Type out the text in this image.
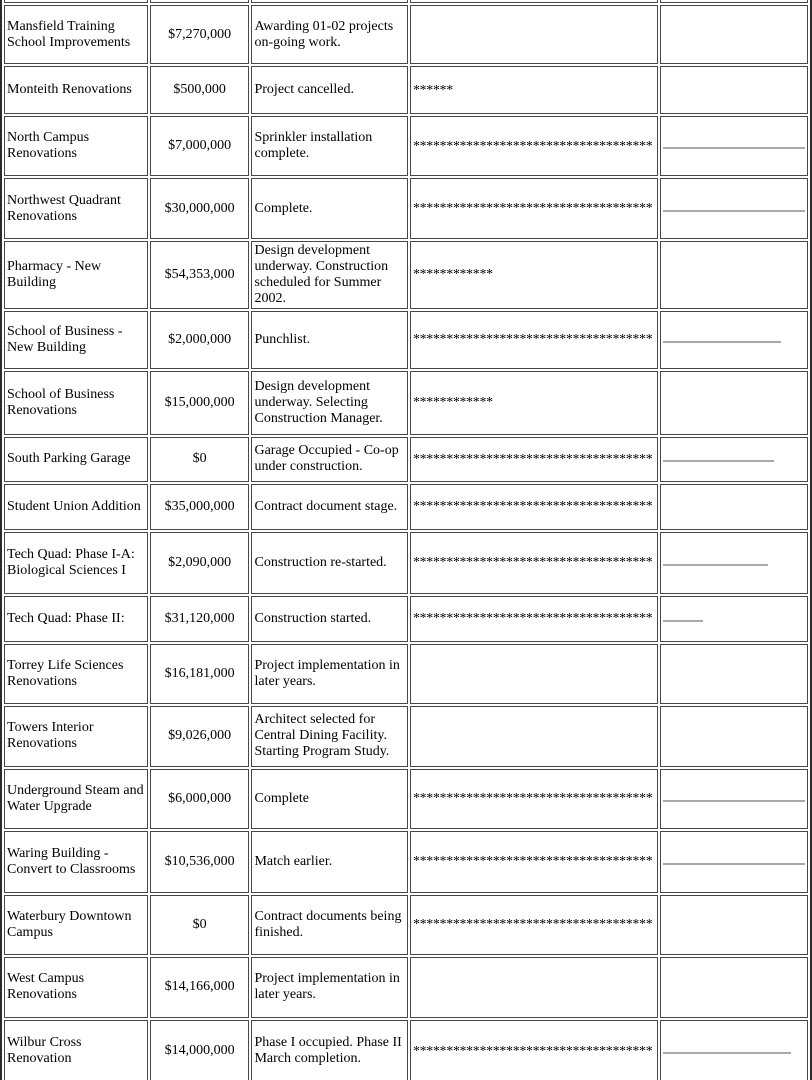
Mansfield Training School Improvements	$7,270,000	Awarding 01-02 projects on-going work.		
Monteith Renovations	$500,000	Project cancelled.	******	
North Campus Renovations	$7,000,000	Sprinkler installation complete.	************************************	

Northwest Quadrant Renovations	$30,000,000	Complete.	************************************	

Pharmacy - New Building	$54,353,000	Design development underway. Construction scheduled for Summer 2002.	************	
School of Business - New Building	$2,000,000	Punchlist.	************************************	

School of Business Renovations	$15,000,000	Design development underway. Selecting Construction Manager.	************	
South Parking Garage	$0	Garage Occupied - Co-op under construction.	************************************	

Student Union Addition	$35,000,000	Contract document stage.	************************************	
Tech Quad: Phase I-A: Biological Sciences I	$2,090,000	Construction re-started.	************************************	

Tech Quad: Phase II:	$31,120,000	Construction started.	************************************	

Torrey Life Sciences Renovations	$16,181,000	Project implementation in later years.		
Towers Interior Renovations	$9,026,000	Architect selected for Central Dining Facility. Starting Program Study.		
Underground Steam and Water Upgrade	$6,000,000	Complete	************************************	

Waring Building - Convert to Classrooms	$10,536,000	Match earlier.	************************************	

Waterbury Downtown Campus	$0	Contract documents being finished.	************************************	
West Campus Renovations	$14,166,000	Project implementation in later years.		
Wilbur Cross Renovation	$14,000,000	Phase I occupied. Phase II March completion.	************************************	
